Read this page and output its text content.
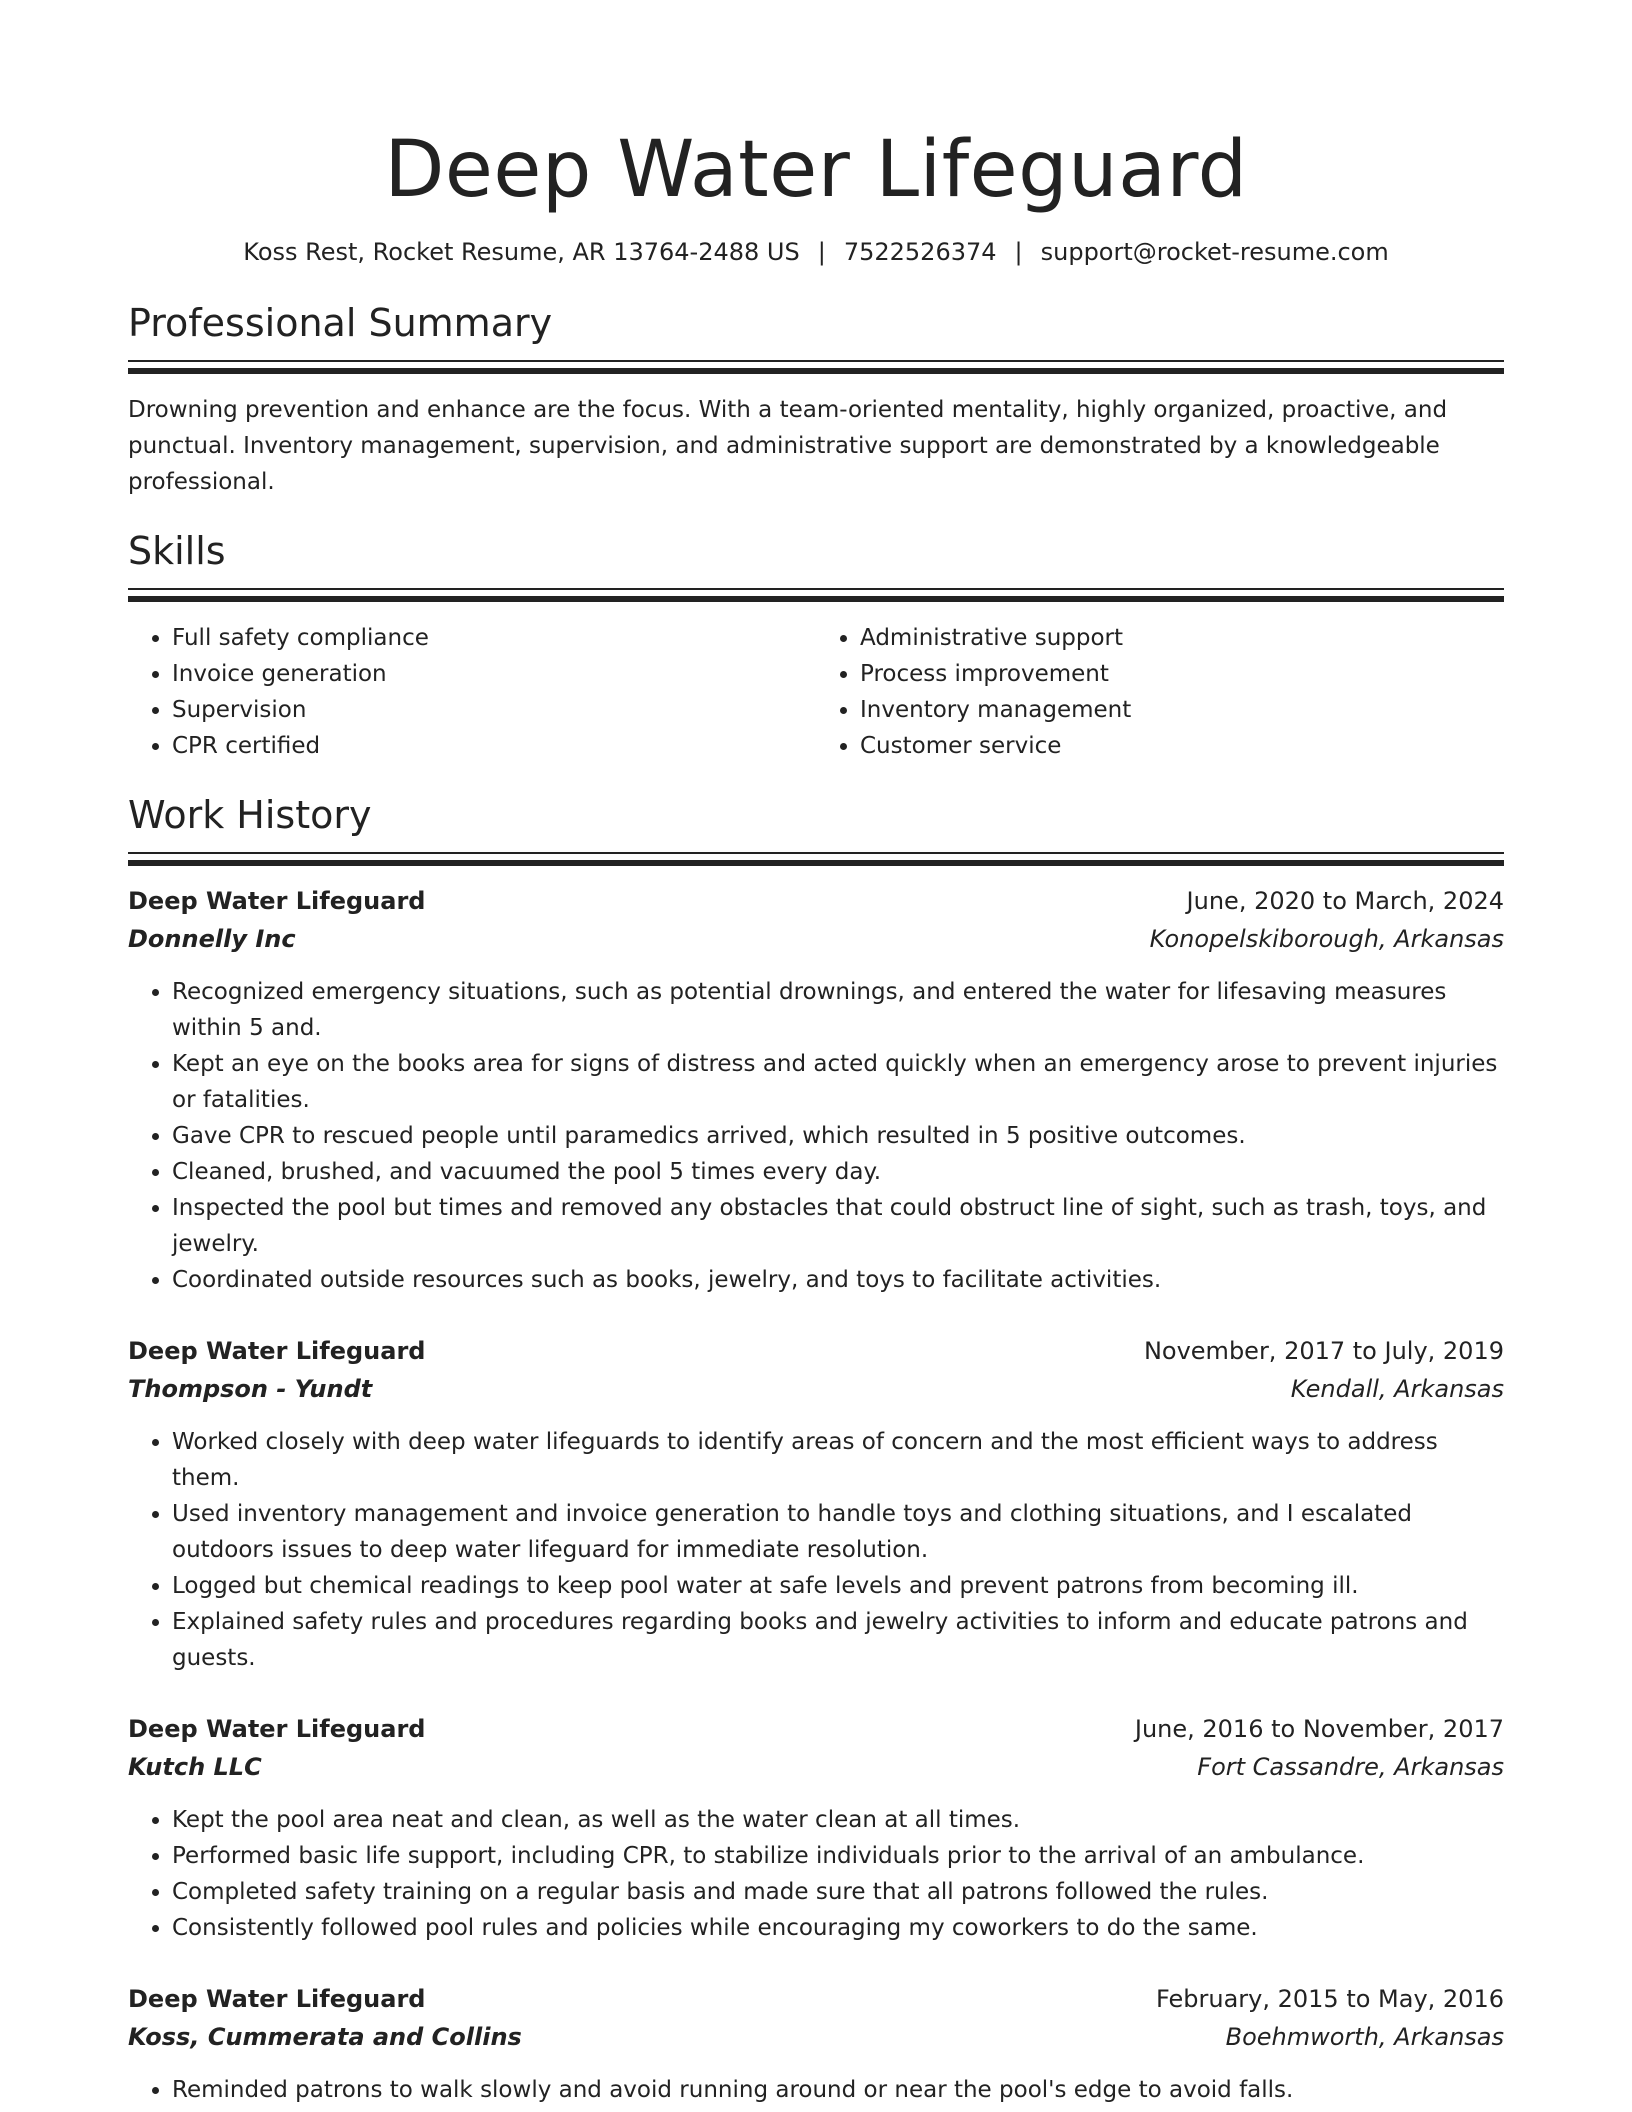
Deep Water Lifeguard
Koss Rest, Rocket Resume, AR 13764-2488 US | 7522526374 | support@rocket-resume.com
Professional Summary
Drowning prevention and enhance are the focus. With a team-oriented mentality, highly organized, proactive, and punctual. Inventory management, supervision, and administrative support are demonstrated by a knowledgeable professional.
Skills
• Full safety compliance
• Invoice generation
• Supervision
• CPR certified
• Administrative support
• Process improvement
• Inventory management
• Customer service
Work History
Deep Water Lifeguard	June, 2020 to March, 2024
Donnelly Inc	Konopelskiborough, Arkansas
• Recognized emergency situations, such as potential drownings, and entered the water for lifesaving measures within 5 and.
• Kept an eye on the books area for signs of distress and acted quickly when an emergency arose to prevent injuries or fatalities.
• Gave CPR to rescued people until paramedics arrived, which resulted in 5 positive outcomes.
• Cleaned, brushed, and vacuumed the pool 5 times every day.
• Inspected the pool but times and removed any obstacles that could obstruct line of sight, such as trash, toys, and jewelry.
• Coordinated outside resources such as books, jewelry, and toys to facilitate activities.
Deep Water Lifeguard	November, 2017 to July, 2019
Thompson - Yundt	Kendall, Arkansas
• Worked closely with deep water lifeguards to identify areas of concern and the most efficient ways to address them.
• Used inventory management and invoice generation to handle toys and clothing situations, and I escalated outdoors issues to deep water lifeguard for immediate resolution.
• Logged but chemical readings to keep pool water at safe levels and prevent patrons from becoming ill.
• Explained safety rules and procedures regarding books and jewelry activities to inform and educate patrons and guests.
Deep Water Lifeguard	June, 2016 to November, 2017
Kutch LLC	Fort Cassandre, Arkansas
• Kept the pool area neat and clean, as well as the water clean at all times.
• Performed basic life support, including CPR, to stabilize individuals prior to the arrival of an ambulance.
• Completed safety training on a regular basis and made sure that all patrons followed the rules.
• Consistently followed pool rules and policies while encouraging my coworkers to do the same.
Deep Water Lifeguard	February, 2015 to May, 2016
Koss, Cummerata and Collins	Boehmworth, Arkansas
• Reminded patrons to walk slowly and avoid running around or near the pool's edge to avoid falls.
